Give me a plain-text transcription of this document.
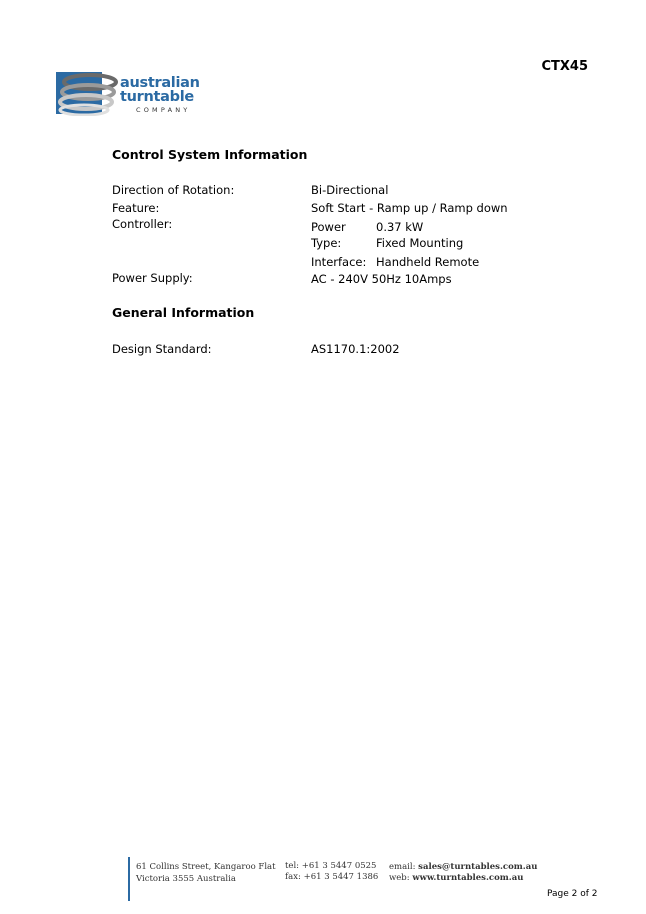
CTX45
australian
turntable
COMPANY
Control System Information
Direction of Rotation:	Bi-Directional
Feature:	Soft Start - Ramp up / Ramp down
Controller:	Power	0.37 kW
Type:	Fixed Mounting
Interface: Handheld Remote
Power Supply:	AC - 240V 50Hz 10Amps
General Information
Design Standard:	AS1170.1:2002
61 Collins Street, Kangaroo Flat
Victoria 3555 Australia
tel: +61 3 5447 0525
fax: +61 3 5447 1386
email: sales@turntables.com.au
web: www.turntables.com.au
Page 2 of 2
